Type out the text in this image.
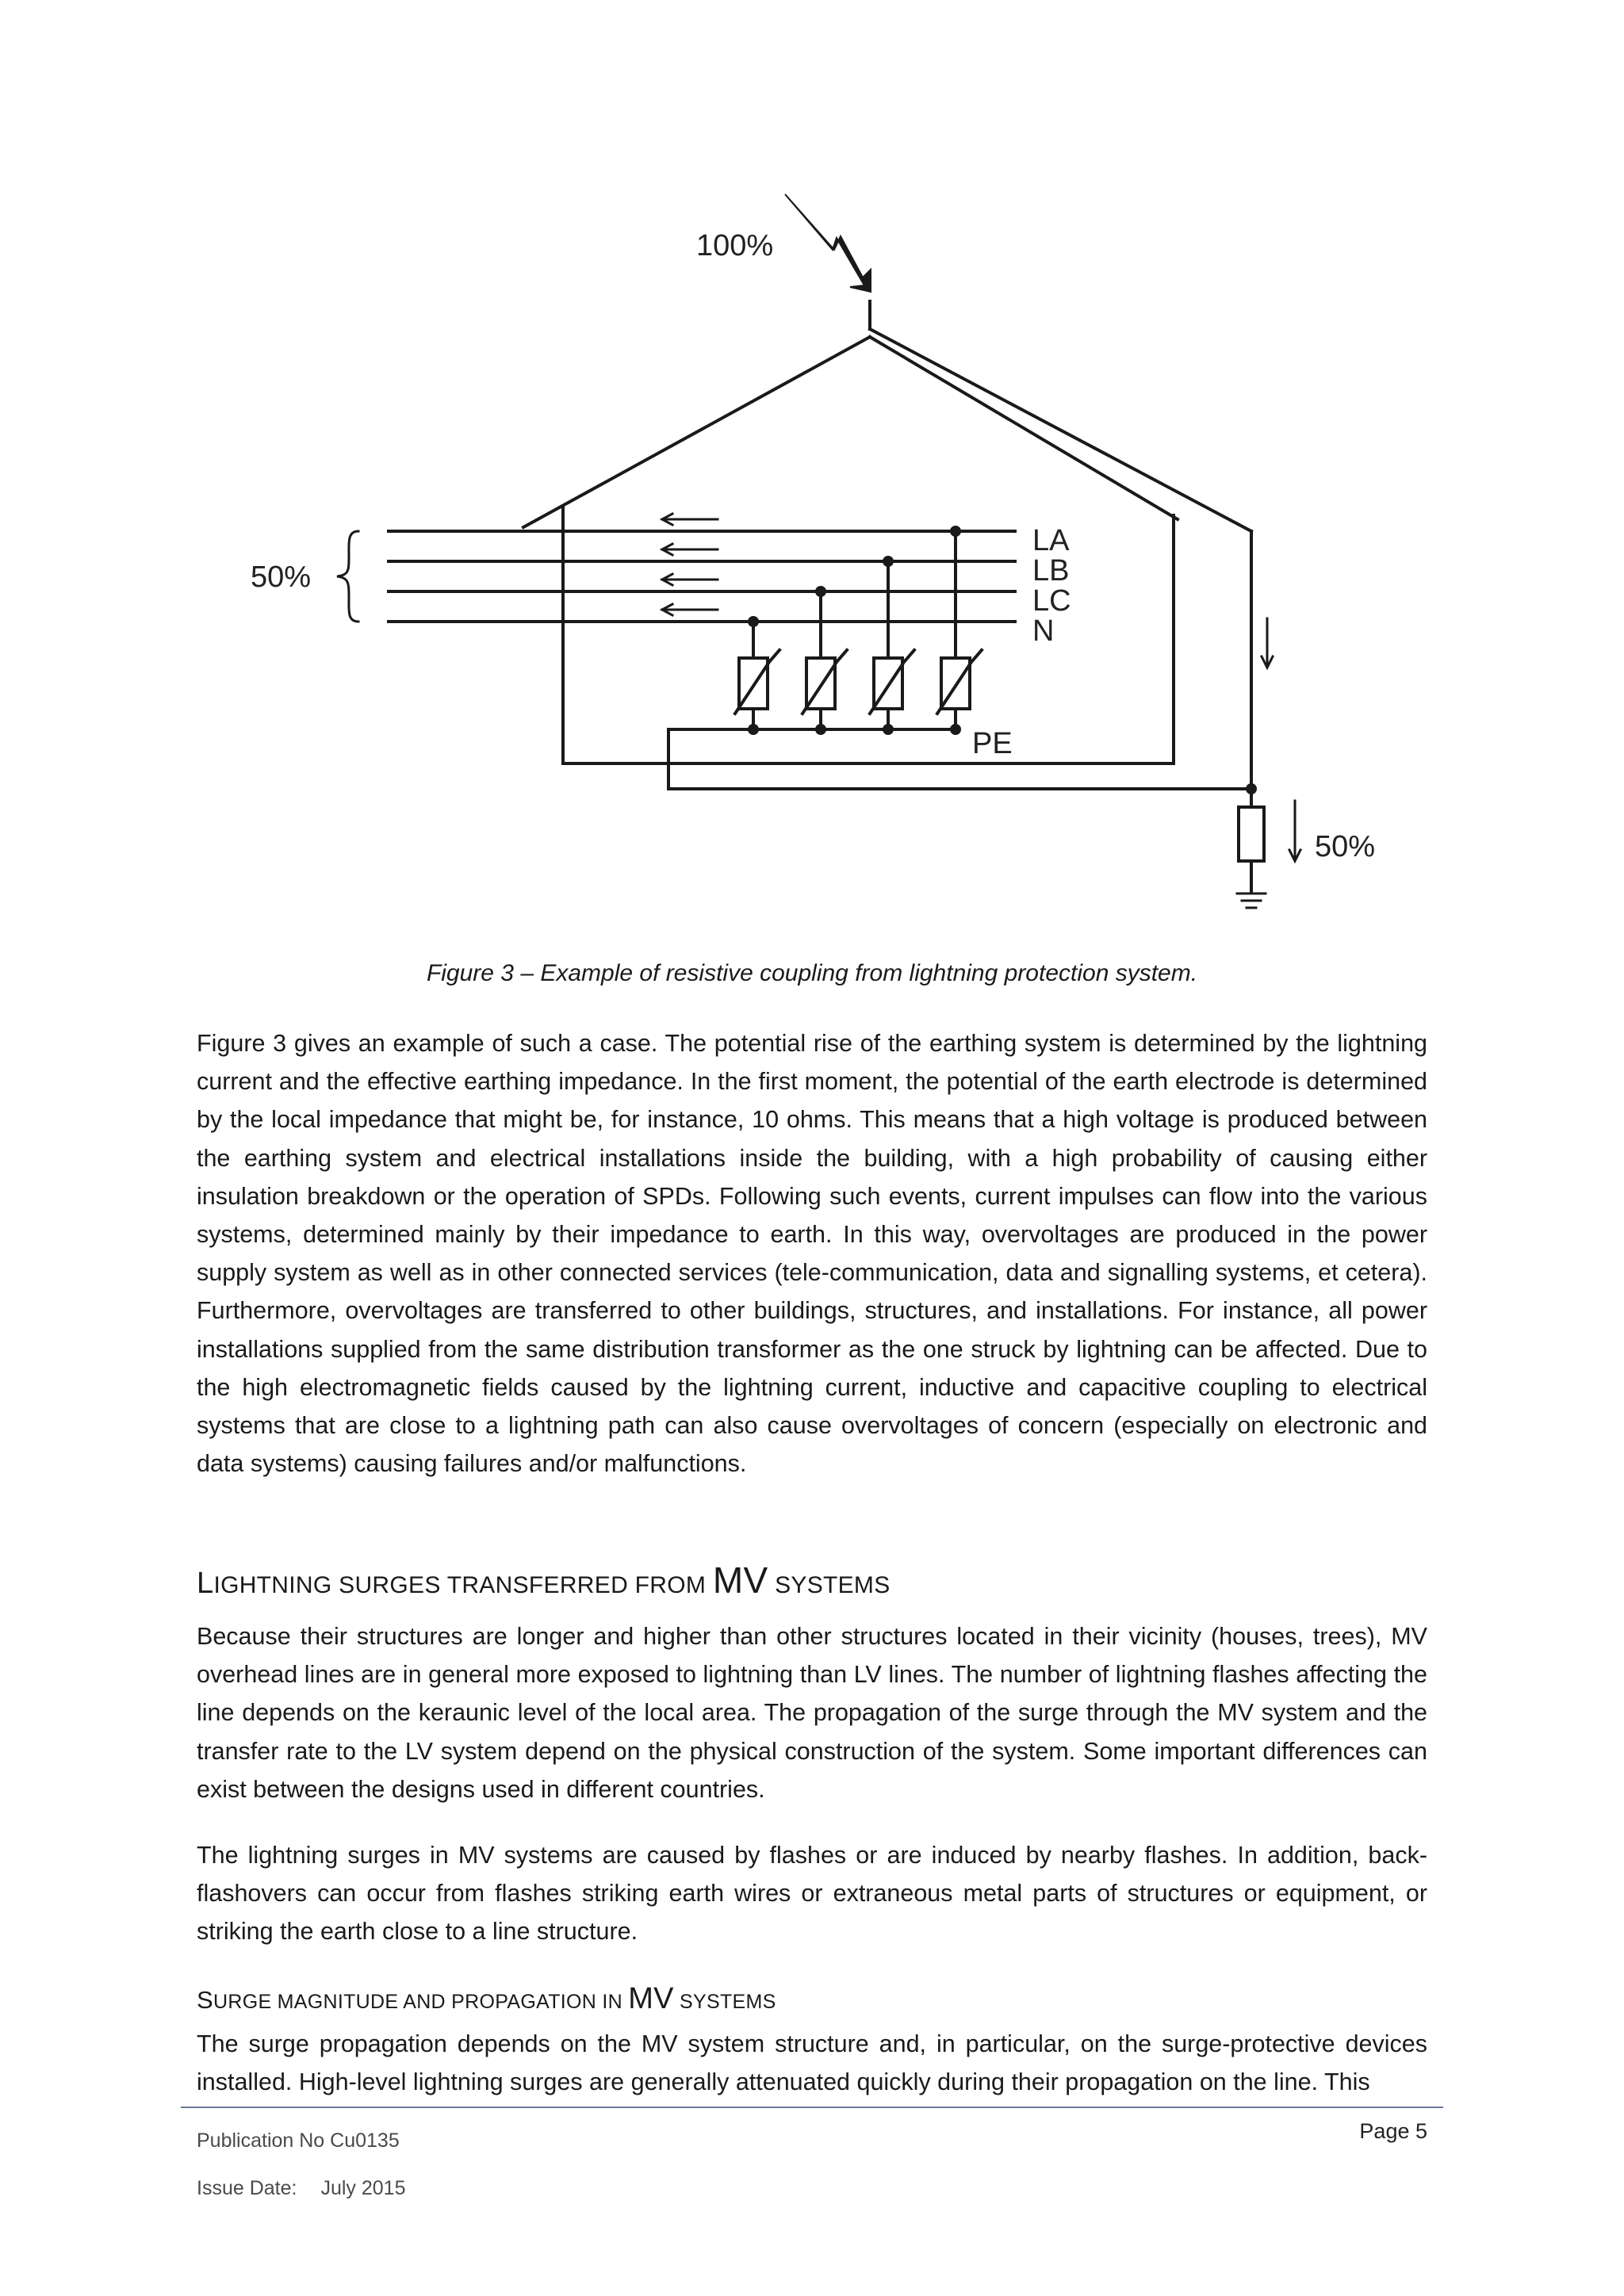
100%
50%
50%
LA
LB
LC
N
PE
Figure 3 – Example of resistive coupling from lightning protection system.

Figure 3 gives an example of such a case. The potential rise of the earthing system is determined by the lightning current and the effective earthing impedance. In the first moment, the potential of the earth electrode is determined by the local impedance that might be, for instance, 10 ohms. This means that a high voltage is produced between the earthing system and electrical installations inside the building, with a high probability of causing either insulation breakdown or the operation of SPDs. Following such events, current impulses can flow into the various systems, determined mainly by their impedance to earth. In this way, overvoltages are produced in the power supply system as well as in other connected services (tele-communication, data and signalling systems, et cetera). Furthermore, overvoltages are transferred to other buildings, structures, and installations. For instance, all power installations supplied from the same distribution transformer as the one struck by lightning can be affected. Due to the high electromagnetic fields caused by the lightning current, inductive and capacitive coupling to electrical systems that are close to a lightning path can also cause overvoltages of concern (especially on electronic and data systems) causing failures and/or malfunctions.

LIGHTNING SURGES TRANSFERRED FROM MV SYSTEMS

Because their structures are longer and higher than other structures located in their vicinity (houses, trees), MV overhead lines are in general more exposed to lightning than LV lines. The number of lightning flashes affecting the line depends on the keraunic level of the local area. The propagation of the surge through the MV system and the transfer rate to the LV system depend on the physical construction of the system. Some important differences can exist between the designs used in different countries.

The lightning surges in MV systems are caused by flashes or are induced by nearby flashes. In addition, back-flashovers can occur from flashes striking earth wires or extraneous metal parts of structures or equipment, or striking the earth close to a line structure.

SURGE MAGNITUDE AND PROPAGATION IN MV SYSTEMS

The surge propagation depends on the MV system structure and, in particular, on the surge-protective devices installed. High-level lightning surges are generally attenuated quickly during their propagation on the line. This

Publication No Cu0135
Issue Date: July 2015
Page 5
